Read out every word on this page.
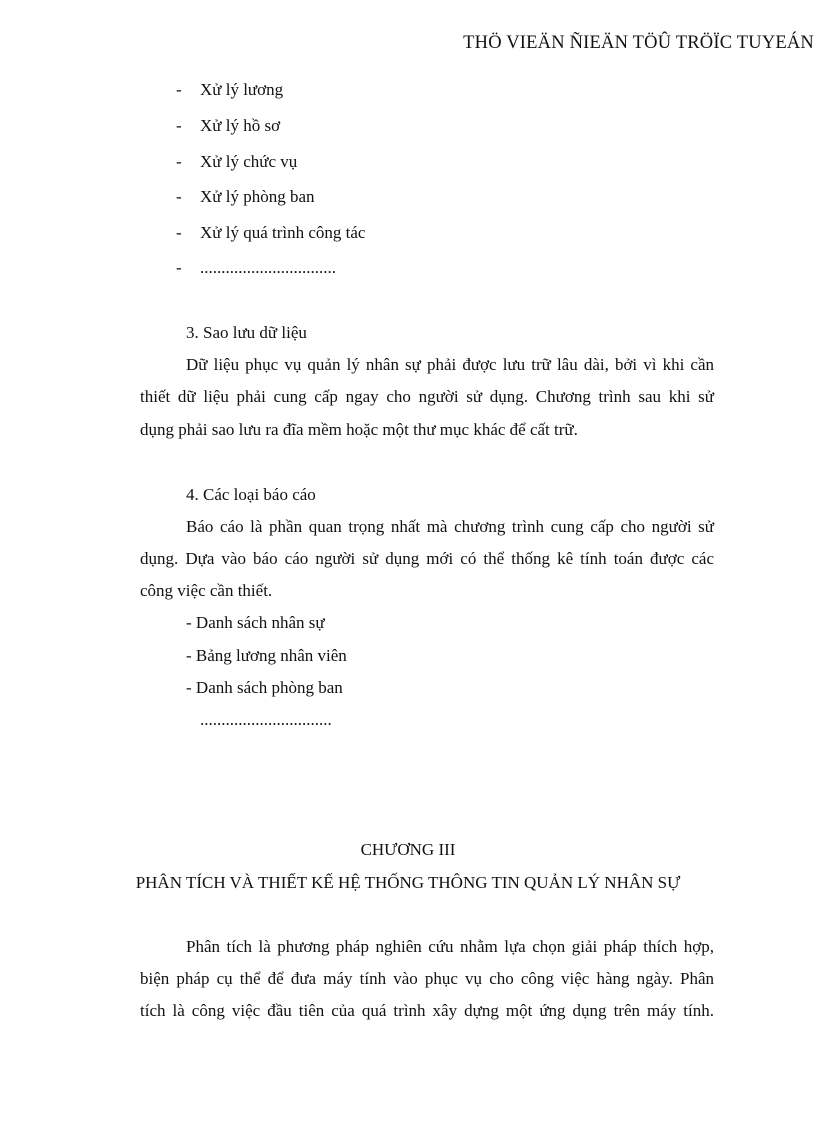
THÖ VIEÄN ÑIEÄN TÖÛ TRÖÏC TUYEÁN
- Xử lý lương
- Xử lý hồ sơ
- Xử lý chức vụ
- Xử lý phòng ban
- Xử lý quá trình công tác
- ................................
3. Sao lưu dữ liệu
Dữ liệu phục vụ quản lý nhân sự phải được lưu trữ lâu dài, bởi vì khi cần
thiết dữ liệu phải cung cấp ngay cho người sử dụng. Chương trình sau khi sử
dụng phải sao lưu ra đĩa mềm hoặc một thư mục khác để cất trữ.
4. Các loại báo cáo
Báo cáo là phần quan trọng nhất mà chương trình cung cấp cho người sử
dụng. Dựa vào báo cáo người sử dụng mới có thể thống kê tính toán được các
công việc cần thiết.
- Danh sách nhân sự
- Bảng lương nhân viên
- Danh sách phòng ban
...............................
CHƯƠNG III
PHÂN TÍCH VÀ THIẾT KẾ HỆ THỐNG THÔNG TIN QUẢN LÝ NHÂN SỰ
Phân tích là phương pháp nghiên cứu nhằm lựa chọn giải pháp thích hợp,
biện pháp cụ thể để đưa máy tính vào phục vụ cho công việc hàng ngày. Phân
tích là công việc đầu tiên của quá trình xây dựng một ứng dụng trên máy tính.
